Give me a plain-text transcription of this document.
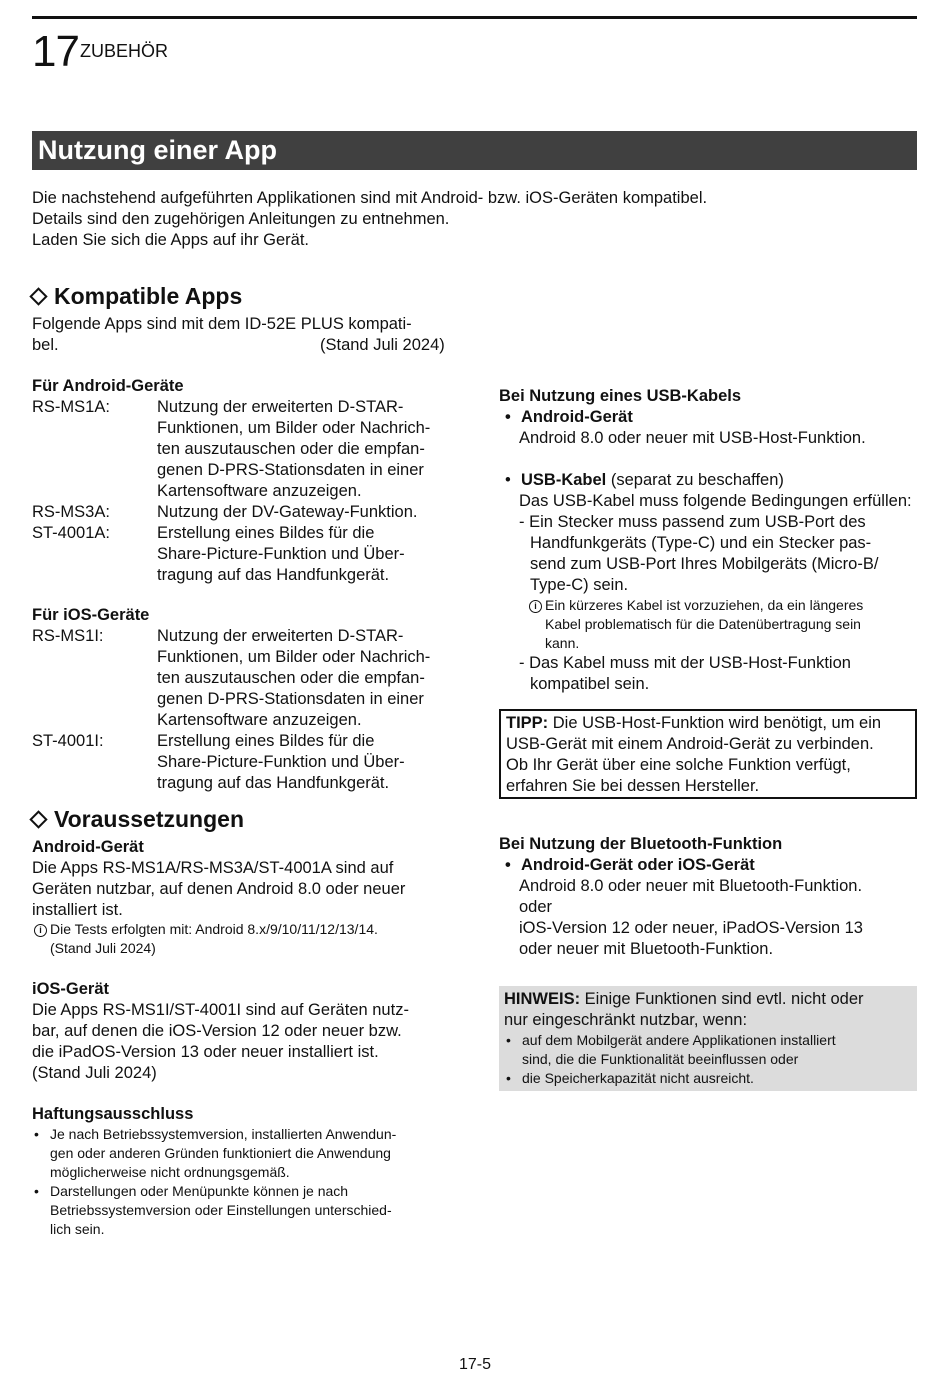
17 ZUBEHÖR
Nutzung einer App
Die nachstehend aufgeführten Applikationen sind mit Android- bzw. iOS-Geräten kompatibel.
Details sind den zugehörigen Anleitungen zu entnehmen.
Laden Sie sich die Apps auf ihr Gerät.
Kompatible Apps
Folgende Apps sind mit dem ID-52E PLUS kompati-
bel.	(Stand Juli 2024)
Für Android-Geräte
RS-MS1A:	Nutzung der erweiterten D-STAR-
Funktionen, um Bilder oder Nachrich-
ten auszutauschen oder die empfan-
genen D-PRS-Stationsdaten in einer
Kartensoftware anzuzeigen.
RS-MS3A:	Nutzung der DV-Gateway-Funktion.
ST-4001A:	Erstellung eines Bildes für die
Share-Picture-Funktion und Über-
tragung auf das Handfunkgerät.
Für iOS-Geräte
RS-MS1I:	Nutzung der erweiterten D-STAR-
Funktionen, um Bilder oder Nachrich-
ten auszutauschen oder die empfan-
genen D-PRS-Stationsdaten in einer
Kartensoftware anzuzeigen.
ST-4001I:	Erstellung eines Bildes für die
Share-Picture-Funktion und Über-
tragung auf das Handfunkgerät.
Voraussetzungen
Android-Gerät
Die Apps RS-MS1A/RS-MS3A/ST-4001A sind auf
Geräten nutzbar, auf denen Android 8.0 oder neuer
installiert ist.
i Die Tests erfolgten mit: Android 8.x/9/10/11/12/13/14.
(Stand Juli 2024)
iOS-Gerät
Die Apps RS-MS1I/ST-4001I sind auf Geräten nutz-
bar, auf denen die iOS-Version 12 oder neuer bzw.
die iPadOS-Version 13 oder neuer installiert ist.
(Stand Juli 2024)
Haftungsausschluss
• Je nach Betriebssystemversion, installierten Anwendun-
gen oder anderen Gründen funktioniert die Anwendung
möglicherweise nicht ordnungsgemäß.
• Darstellungen oder Menüpunkte können je nach
Betriebssystemversion oder Einstellungen unterschied-
lich sein.
Bei Nutzung eines USB-Kabels
• Android-Gerät
Android 8.0 oder neuer mit USB-Host-Funktion.
• USB-Kabel (separat zu beschaffen)
Das USB-Kabel muss folgende Bedingungen erfüllen:
- Ein Stecker muss passend zum USB-Port des
Handfunkgeräts (Type-C) und ein Stecker pas-
send zum USB-Port Ihres Mobilgeräts (Micro-B/
Type-C) sein.
i Ein kürzeres Kabel ist vorzuziehen, da ein längeres
Kabel problematisch für die Datenübertragung sein
kann.
- Das Kabel muss mit der USB-Host-Funktion
kompatibel sein.
TIPP: Die USB-Host-Funktion wird benötigt, um ein
USB-Gerät mit einem Android-Gerät zu verbinden.
Ob Ihr Gerät über eine solche Funktion verfügt,
erfahren Sie bei dessen Hersteller.
Bei Nutzung der Bluetooth-Funktion
• Android-Gerät oder iOS-Gerät
Android 8.0 oder neuer mit Bluetooth-Funktion.
oder
iOS-Version 12 oder neuer, iPadOS-Version 13
oder neuer mit Bluetooth-Funktion.
HINWEIS: Einige Funktionen sind evtl. nicht oder
nur eingeschränkt nutzbar, wenn:
• auf dem Mobilgerät andere Applikationen installiert
sind, die die Funktionalität beeinflussen oder
• die Speicherkapazität nicht ausreicht.
17-5
